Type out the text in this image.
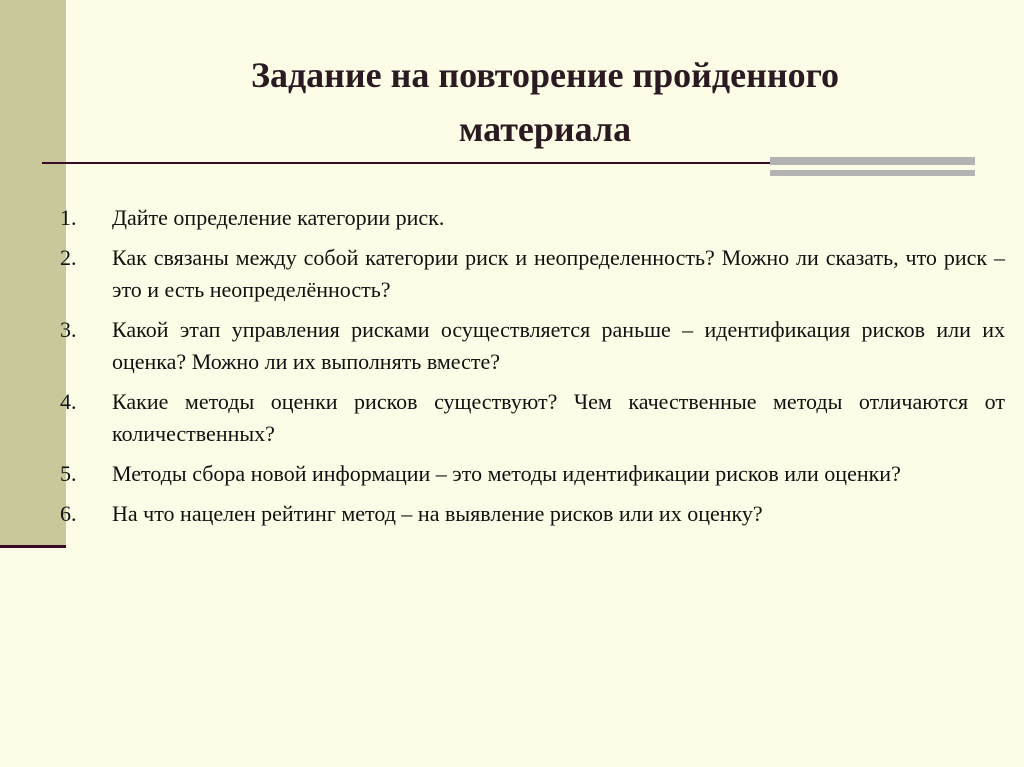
Задание на повторение пройденного
материала
1. Дайте определение категории риск.
2. Как связаны между собой категории риск и неопределенность? Можно ли сказать, что риск – это и есть неопределённость?
3. Какой этап управления рисками осуществляется раньше – идентификация рисков или их оценка? Можно ли их выполнять вместе?
4. Какие методы оценки рисков существуют? Чем качественные методы отличаются от количественных?
5. Методы сбора новой информации – это методы идентификации рисков или оценки?
6. На что нацелен рейтинг метод – на выявление рисков или их оценку?
